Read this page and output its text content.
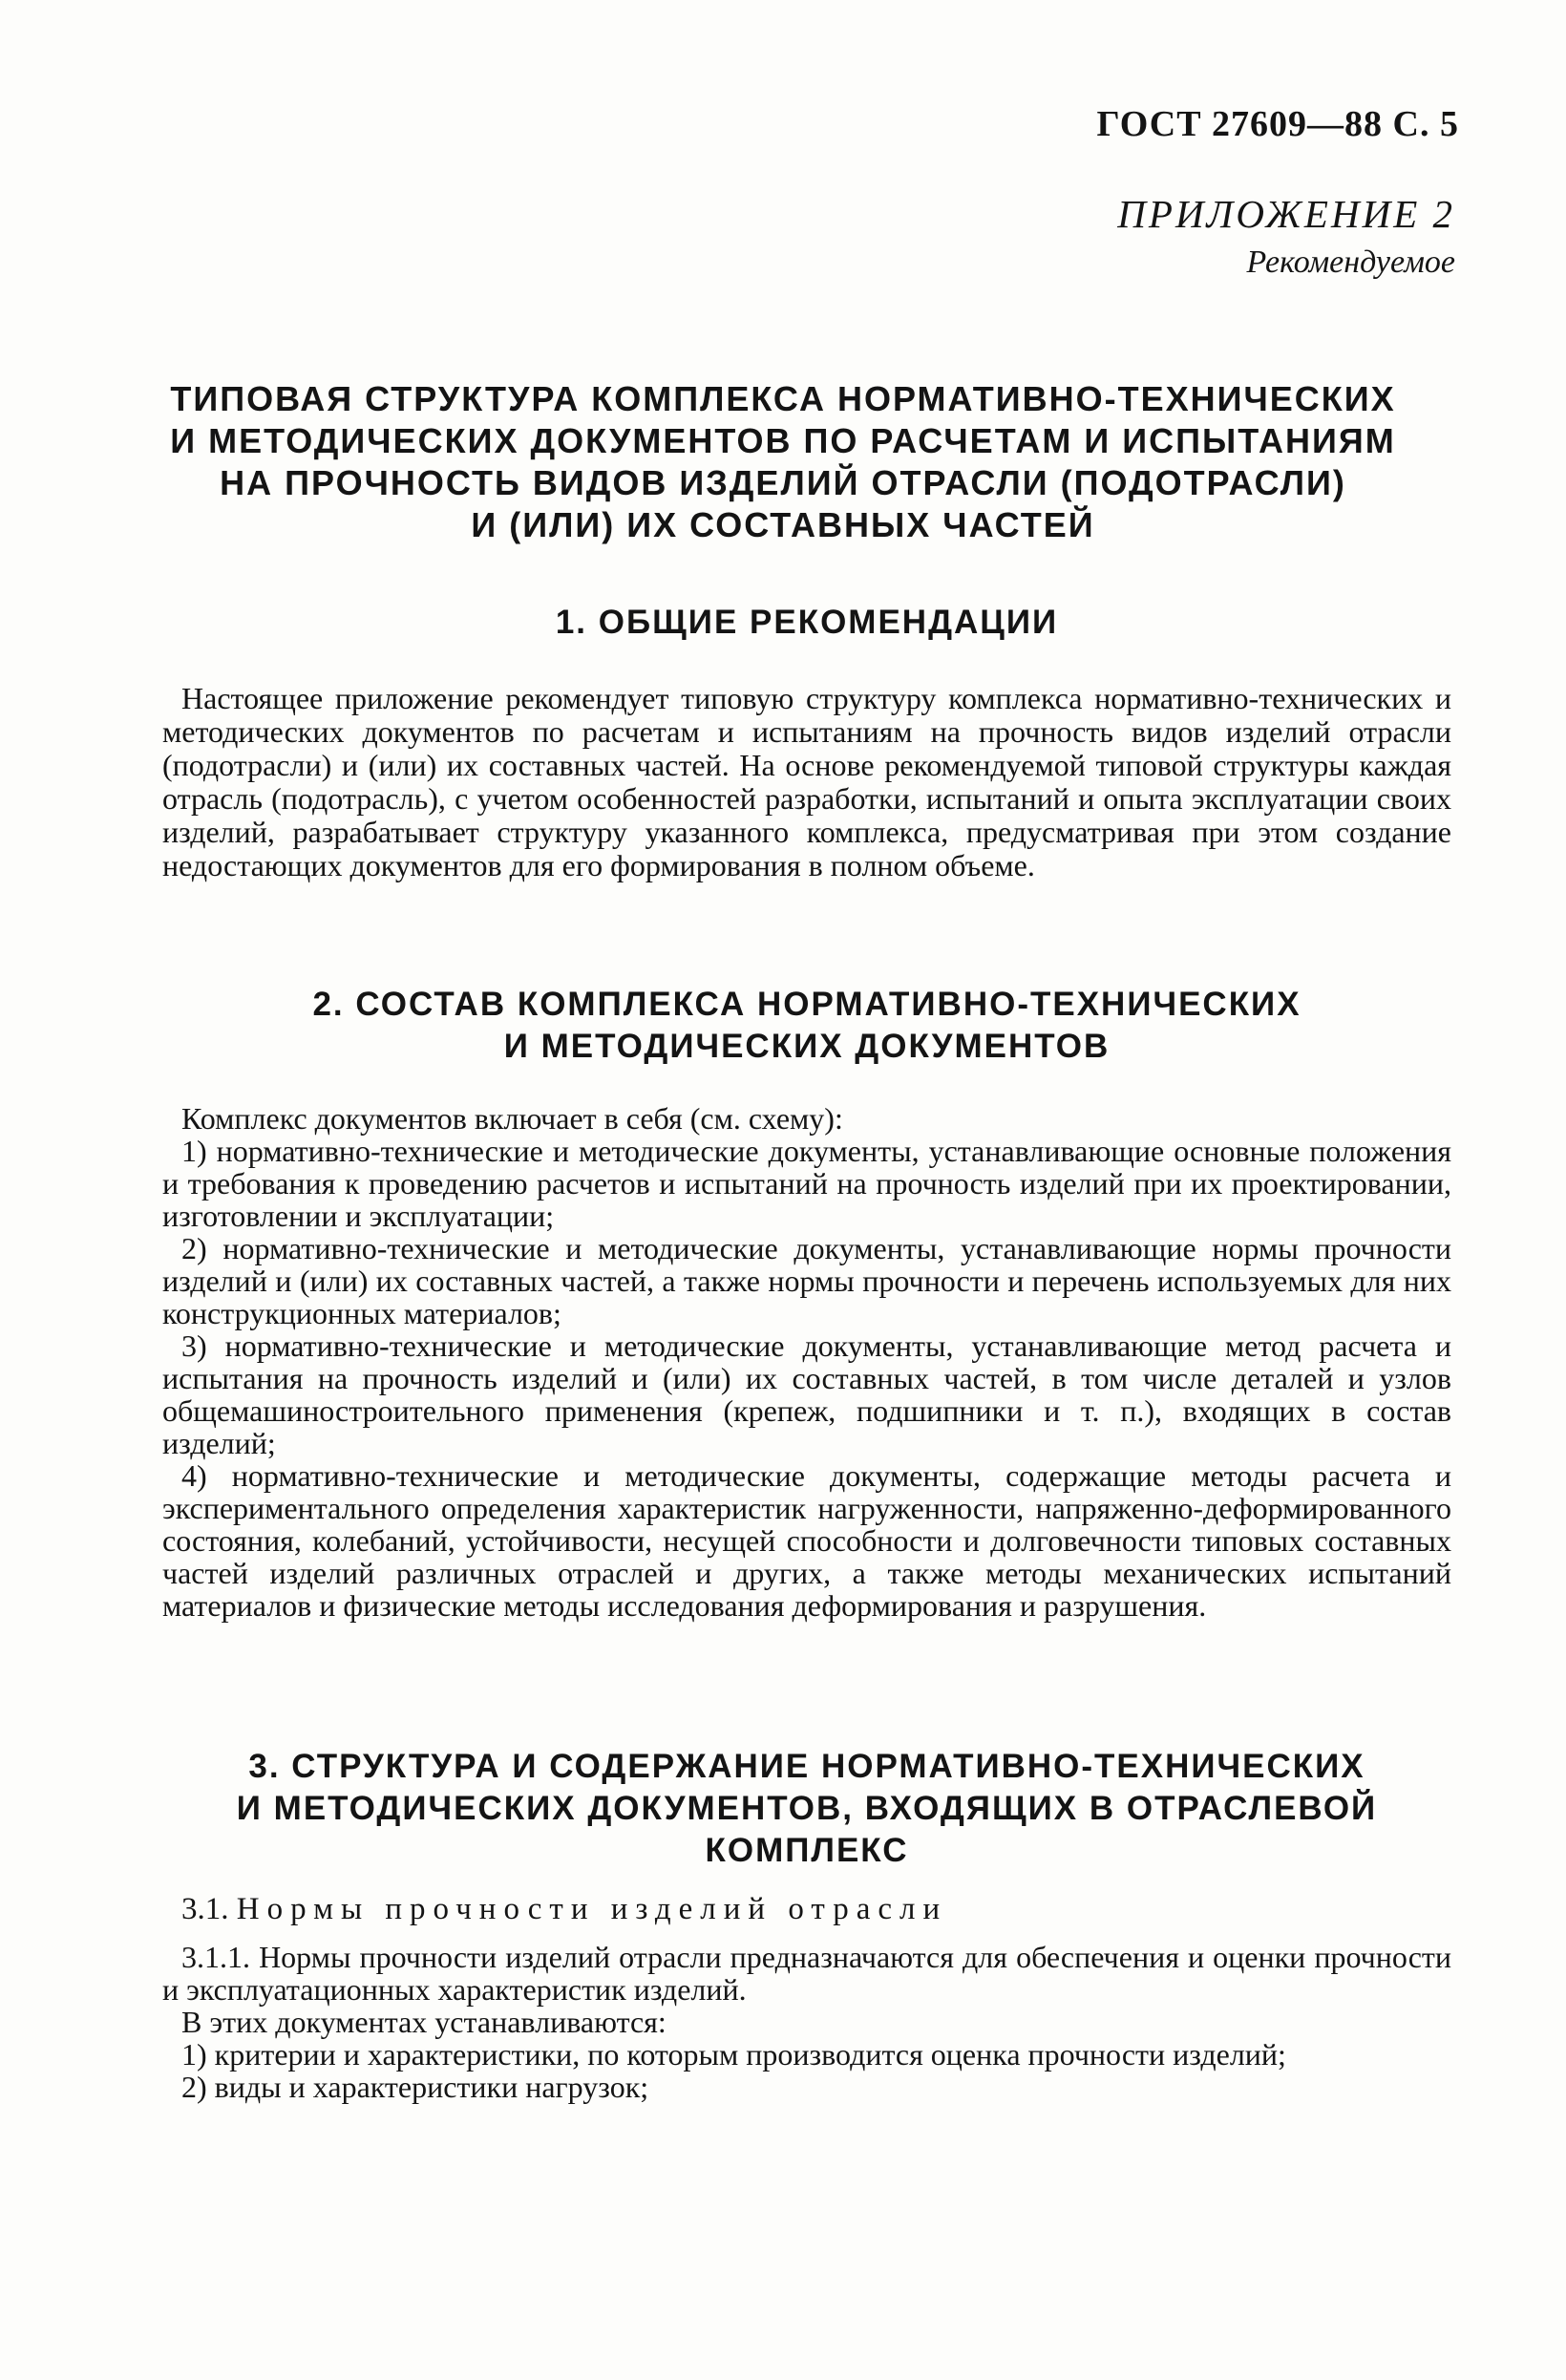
ГОСТ 27609—88 С. 5
ПРИЛОЖЕНИЕ 2
Рекомендуемое
ТИПОВАЯ СТРУКТУРА КОМПЛЕКСА НОРМАТИВНО-ТЕХНИЧЕСКИХ
И МЕТОДИЧЕСКИХ ДОКУМЕНТОВ ПО РАСЧЕТАМ И ИСПЫТАНИЯМ
НА ПРОЧНОСТЬ ВИДОВ ИЗДЕЛИЙ ОТРАСЛИ (ПОДОТРАСЛИ)
И (ИЛИ) ИХ СОСТАВНЫХ ЧАСТЕЙ
1. ОБЩИЕ РЕКОМЕНДАЦИИ

Настоящее приложение рекомендует типовую структуру комплекса нормативно-технических и методических документов по расчетам и испытаниям на прочность видов изделий отрасли (подотрасли) и (или) их составных частей. На основе рекомендуемой типовой структуры каждая отрасль (подотрасль), с учетом особенностей разработки, испытаний и опыта эксплуатации своих изделий, разрабатывает структуру указанного комплекса, предусматривая при этом создание недостающих документов для его формирования в полном объеме.

2. СОСТАВ КОМПЛЕКСА НОРМАТИВНО-ТЕХНИЧЕСКИХ
И МЕТОДИЧЕСКИХ ДОКУМЕНТОВ

Комплекс документов включает в себя (см. схему):

1) нормативно-технические и методические документы, устанавливающие основные положения и требования к проведению расчетов и испытаний на прочность изделий при их проектировании, изготовлении и эксплуатации;

2) нормативно-технические и методические документы, устанавливающие нормы прочности изделий и (или) их составных частей, а также нормы прочности и перечень используемых для них конструкционных материалов;

3) нормативно-технические и методические документы, устанавливающие метод расчета и испытания на прочность изделий и (или) их составных частей, в том числе деталей и узлов общемашиностроительного применения (крепеж, подшипники и т. п.), входящих в состав изделий;

4) нормативно-технические и методические документы, содержащие методы расчета и экспериментального определения характеристик нагруженности, напряженно-деформированного состояния, колебаний, устойчивости, несущей способности и долговечности типовых составных частей изделий различных отраслей и других, а также методы механических испытаний материалов и физические методы исследования деформирования и разрушения.

3. СТРУКТУРА И СОДЕРЖАНИЕ НОРМАТИВНО-ТЕХНИЧЕСКИХ
И МЕТОДИЧЕСКИХ ДОКУМЕНТОВ, ВХОДЯЩИХ В ОТРАСЛЕВОЙ
КОМПЛЕКС

3.1. Нормы прочности изделий отрасли

3.1.1. Нормы прочности изделий отрасли предназначаются для обеспечения и оценки прочности и эксплуатационных характеристик изделий.

В этих документах устанавливаются:

1) критерии и характеристики, по которым производится оценка прочности изделий;

2) виды и характеристики нагрузок;
